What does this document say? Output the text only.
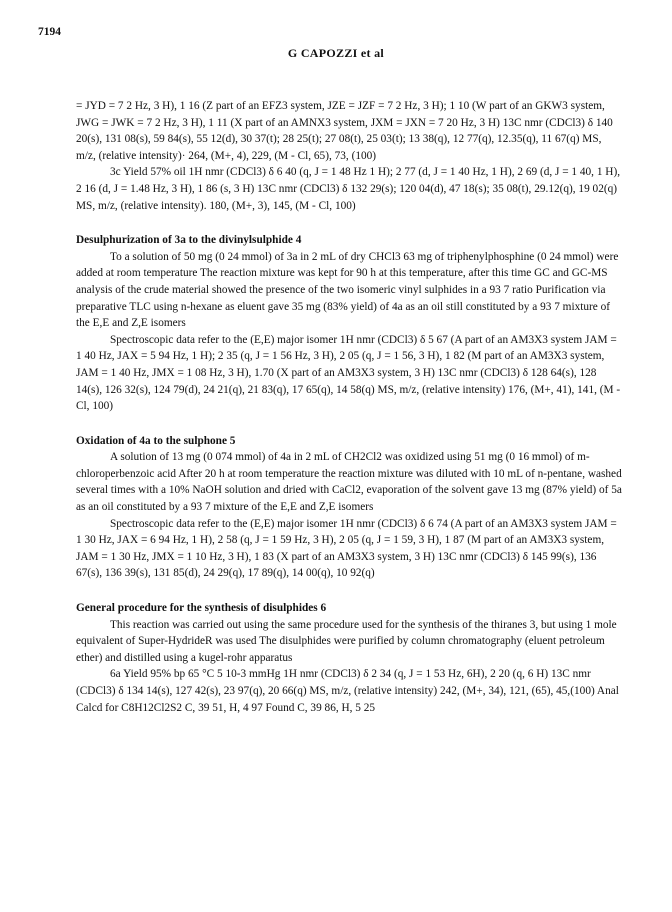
7194
G CAPOZZI et al

= JYD = 7 2 Hz, 3 H), 1 16 (Z part of an EFZ3 system, JZE = JZF = 7 2 Hz, 3 H); 1 10 (W part of an GKW3 system, JWG = JWK = 7 2 Hz, 3 H), 1 11 (X part of an AMNX3 system, JXM = JXN = 7 20 Hz, 3 H) 13C nmr (CDCl3) δ 140 20(s), 131 08(s), 59 84(s), 55 12(d), 30 37(t); 28 25(t); 27 08(t), 25 03(t); 13 38(q), 12 77(q), 12.35(q), 11 67(q) MS, m/z, (relative intensity)· 264, (M+, 4), 229, (M - Cl, 65), 73, (100)

3c Yield 57% oil 1H nmr (CDCl3) δ 6 40 (q, J = 1 48 Hz 1 H); 2 77 (d, J = 1 40 Hz, 1 H), 2 69 (d, J = 1 40, 1 H), 2 16 (d, J = 1.48 Hz, 3 H), 1 86 (s, 3 H) 13C nmr (CDCl3) δ 132 29(s); 120 04(d), 47 18(s); 35 08(t), 29.12(q), 19 02(q) MS, m/z, (relative intensity). 180, (M+, 3), 145, (M - Cl, 100)

Desulphurization of 3a to the divinylsulphide 4

To a solution of 50 mg (0 24 mmol) of 3a in 2 mL of dry CHCl3 63 mg of triphenylphosphine (0 24 mmol) were added at room temperature The reaction mixture was kept for 90 h at this temperature, after this time GC and GC-MS analysis of the crude material showed the presence of the two isomeric vinyl sulphides in a 93 7 ratio Purification via preparative TLC using n-hexane as eluent gave 35 mg (83% yield) of 4a as an oil still constituted by a 93 7 mixture of the E,E and Z,E isomers

Spectroscopic data refer to the (E,E) major isomer 1H nmr (CDCl3) δ 5 67 (A part of an AM3X3 system JAM = 1 40 Hz, JAX = 5 94 Hz, 1 H); 2 35 (q, J = 1 56 Hz, 3 H), 2 05 (q, J = 1 56, 3 H), 1 82 (M part of an AM3X3 system, JAM = 1 40 Hz, JMX = 1 08 Hz, 3 H), 1.70 (X part of an AM3X3 system, 3 H) 13C nmr (CDCl3) δ 128 64(s), 128 14(s), 126 32(s), 124 79(d), 24 21(q), 21 83(q), 17 65(q), 14 58(q) MS, m/z, (relative intensity) 176, (M+, 41), 141, (M - Cl, 100)

Oxidation of 4a to the sulphone 5

A solution of 13 mg (0 074 mmol) of 4a in 2 mL of CH2Cl2 was oxidized using 51 mg (0 16 mmol) of m-chloroperbenzoic acid After 20 h at room temperature the reaction mixture was diluted with 10 mL of n-pentane, washed several times with a 10% NaOH solution and dried with CaCl2, evaporation of the solvent gave 13 mg (87% yield) of 5a as an oil constituted by a 93 7 mixture of the E,E and Z,E isomers

Spectroscopic data refer to the (E,E) major isomer 1H nmr (CDCl3) δ 6 74 (A part of an AM3X3 system JAM = 1 30 Hz, JAX = 6 94 Hz, 1 H), 2 58 (q, J = 1 59 Hz, 3 H), 2 05 (q, J = 1 59, 3 H), 1 87 (M part of an AM3X3 system, JAM = 1 30 Hz, JMX = 1 10 Hz, 3 H), 1 83 (X part of an AM3X3 system, 3 H) 13C nmr (CDCl3) δ 145 99(s), 136 67(s), 136 39(s), 131 85(d), 24 29(q), 17 89(q), 14 00(q), 10 92(q)

General procedure for the synthesis of disulphides 6

This reaction was carried out using the same procedure used for the synthesis of the thiranes 3, but using 1 mole equivalent of Super-HydrideR was used The disulphides were purified by column chromatography (eluent petroleum ether) and distilled using a kugel-rohr apparatus

6a Yield 95% bp 65 °C 5 10-3 mmHg 1H nmr (CDCl3) δ 2 34 (q, J = 1 53 Hz, 6H), 2 20 (q, 6 H) 13C nmr (CDCl3) δ 134 14(s), 127 42(s), 23 97(q), 20 66(q) MS, m/z, (relative intensity) 242, (M+, 34), 121, (65), 45,(100) Anal Calcd for C8H12Cl2S2 C, 39 51, H, 4 97 Found C, 39 86, H, 5 25
